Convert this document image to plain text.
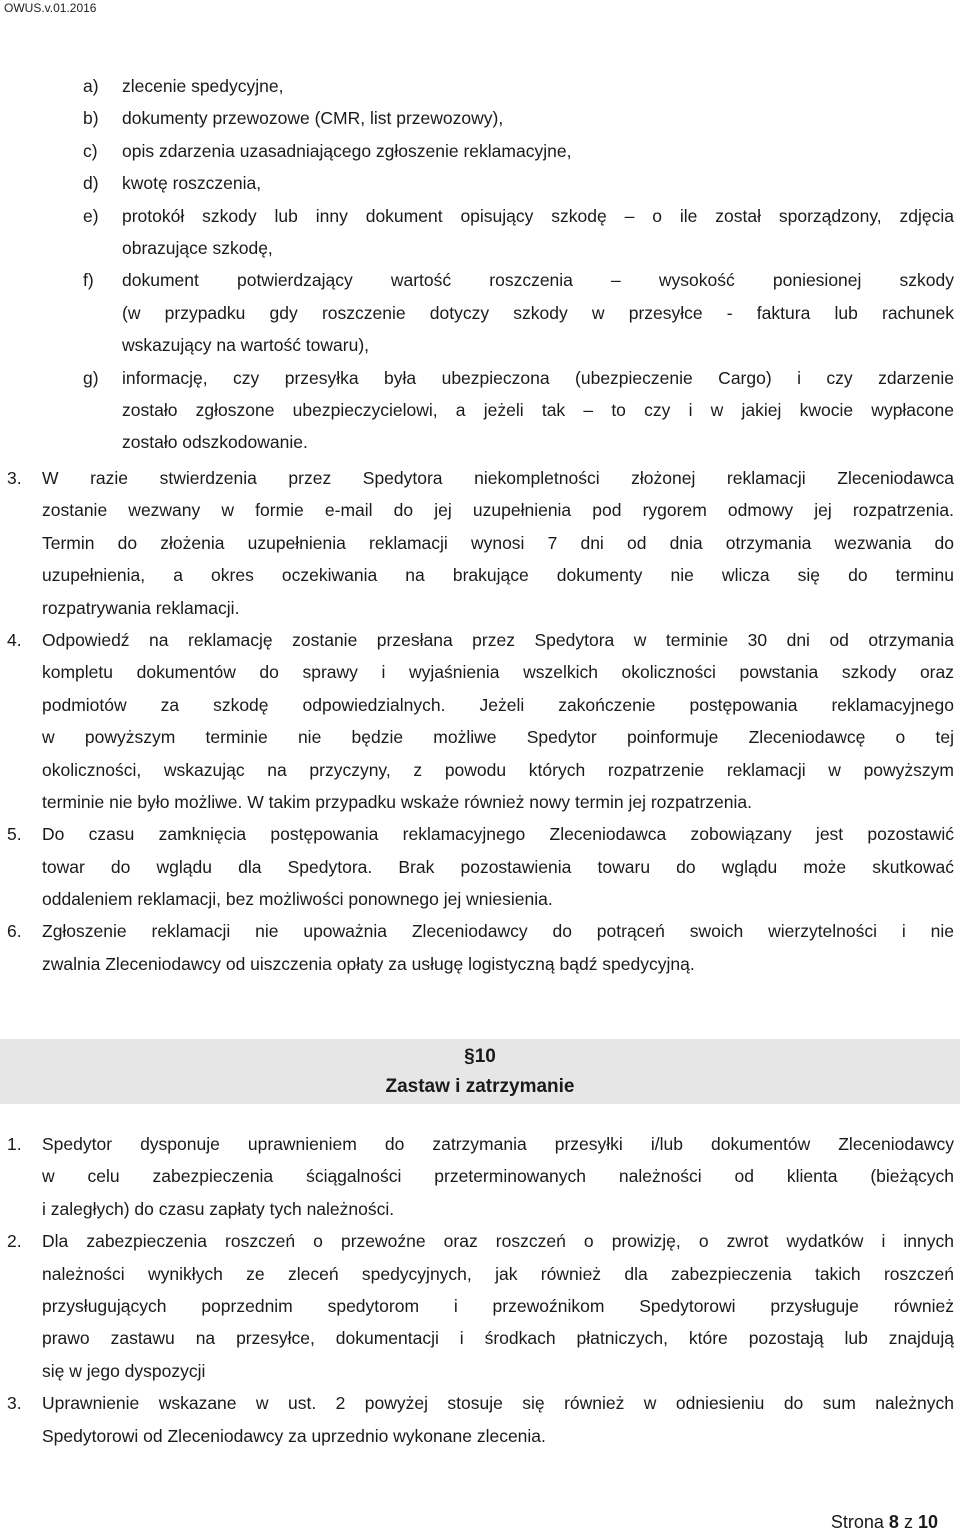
OWUS.v.01.2016
a) zlecenie spedycyjne,
b) dokumenty przewozowe (CMR, list przewozowy),
c) opis zdarzenia uzasadniającego zgłoszenie reklamacyjne,
d) kwotę roszczenia,
e) protokół szkody lub inny dokument opisujący szkodę – o ile został sporządzony, zdjęcia
obrazujące szkodę,
f) dokument potwierdzający wartość roszczenia – wysokość poniesionej szkody
(w przypadku gdy roszczenie dotyczy szkody w przesyłce - faktura lub rachunek
wskazujący na wartość towaru),
g) informację, czy przesyłka była ubezpieczona (ubezpieczenie Cargo) i czy zdarzenie
zostało zgłoszone ubezpieczycielowi, a jeżeli tak – to czy i w jakiej kwocie wypłacone
zostało odszkodowanie.
3. W razie stwierdzenia przez Spedytora niekompletności złożonej reklamacji Zleceniodawca
zostanie wezwany w formie e-mail do jej uzupełnienia pod rygorem odmowy jej rozpatrzenia.
Termin do złożenia uzupełnienia reklamacji wynosi 7 dni od dnia otrzymania wezwania do
uzupełnienia, a okres oczekiwania na brakujące dokumenty nie wlicza się do terminu
rozpatrywania reklamacji.
4. Odpowiedź na reklamację zostanie przesłana przez Spedytora w terminie 30 dni od otrzymania
kompletu dokumentów do sprawy i wyjaśnienia wszelkich okoliczności powstania szkody oraz
podmiotów za szkodę odpowiedzialnych. Jeżeli zakończenie postępowania reklamacyjnego
w powyższym terminie nie będzie możliwe Spedytor poinformuje Zleceniodawcę o tej
okoliczności, wskazując na przyczyny, z powodu których rozpatrzenie reklamacji w powyższym
terminie nie było możliwe. W takim przypadku wskaże również nowy termin jej rozpatrzenia.
5. Do czasu zamknięcia postępowania reklamacyjnego Zleceniodawca zobowiązany jest pozostawić
towar do wglądu dla Spedytora. Brak pozostawienia towaru do wglądu może skutkować
oddaleniem reklamacji, bez możliwości ponownego jej wniesienia.
6. Zgłoszenie reklamacji nie upoważnia Zleceniodawcy do potrąceń swoich wierzytelności i nie
zwalnia Zleceniodawcy od uiszczenia opłaty za usługę logistyczną bądź spedycyjną.
§10
Zastaw i zatrzymanie
1. Spedytor dysponuje uprawnieniem do zatrzymania przesyłki i/lub dokumentów Zleceniodawcy
w celu zabezpieczenia ściągalności przeterminowanych należności od klienta (bieżących
i zaległych) do czasu zapłaty tych należności.
2. Dla zabezpieczenia roszczeń o przewoźne oraz roszczeń o prowizję, o zwrot wydatków i innych
należności wynikłych ze zleceń spedycyjnych, jak również dla zabezpieczenia takich roszczeń
przysługujących poprzednim spedytorom i przewoźnikom Spedytorowi przysługuje również
prawo zastawu na przesyłce, dokumentacji i środkach płatniczych, które pozostają lub znajdują
się w jego dyspozycji
3. Uprawnienie wskazane w ust. 2 powyżej stosuje się również w odniesieniu do sum należnych
Spedytorowi od Zleceniodawcy za uprzednio wykonane zlecenia.
Strona 8 z 10
